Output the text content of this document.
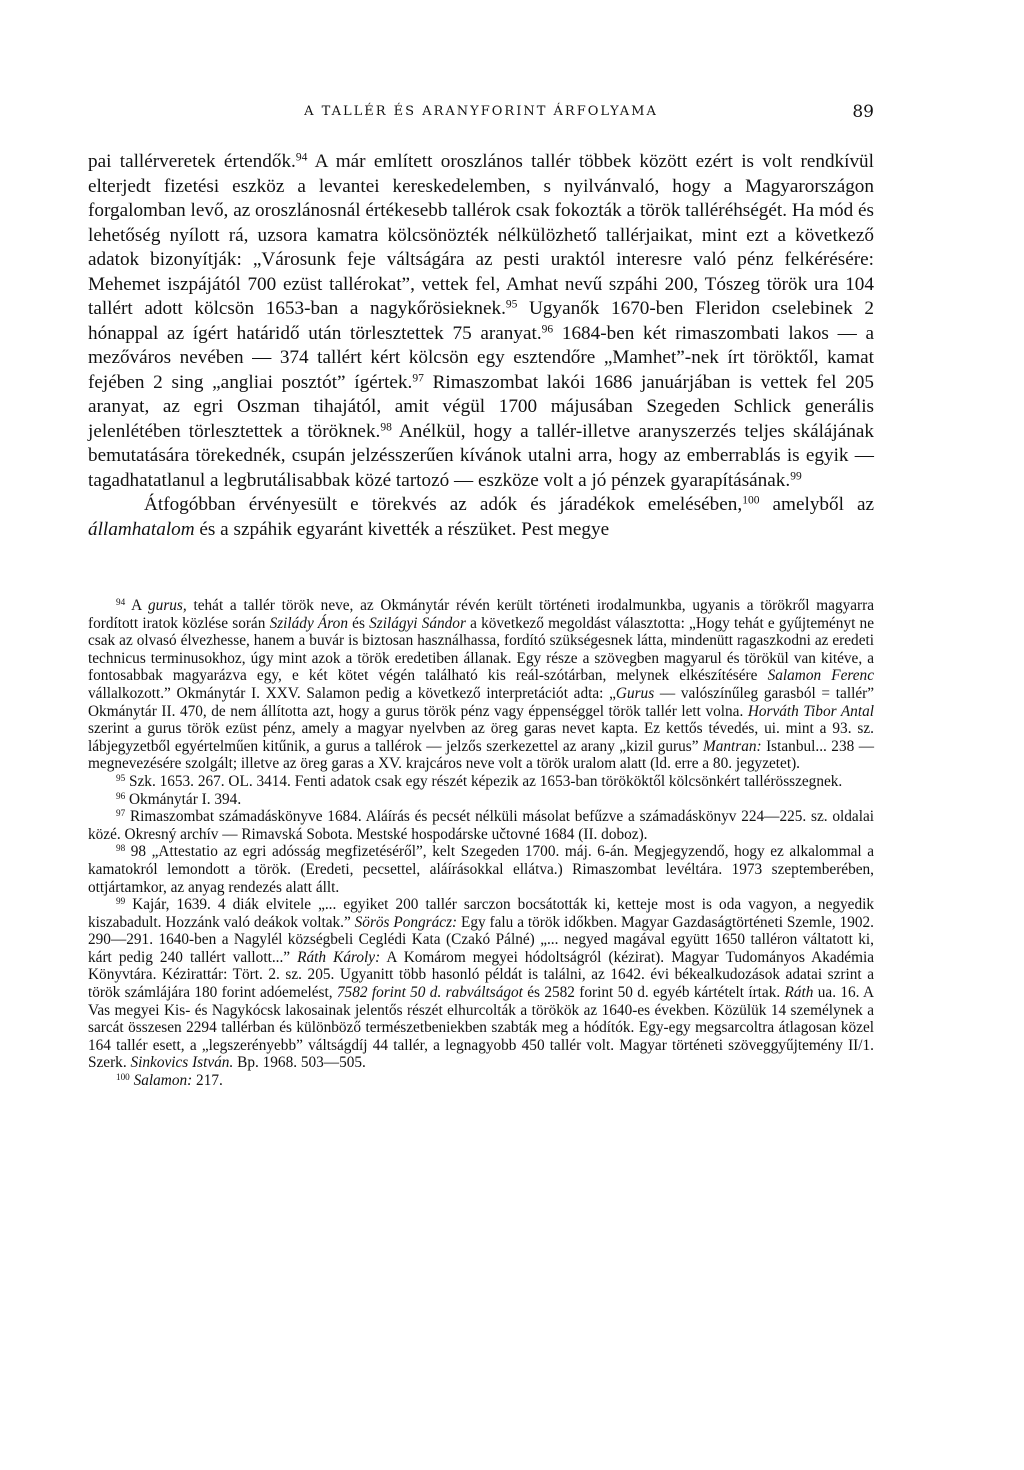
A TALLÉR ÉS ARANYFORINT ÁRFOLYAMA	89

pai tallérveretek értendők.$^{94}$ A már említett oroszlános tallér többek között ezért is volt rendkívül elterjedt fizetési eszköz a levantei kereskedelemben, s nyilvánvaló, hogy a Magyarországon forgalomban levő, az oroszlánosnál értékesebb tallérok csak fokozták a török talléréhségét. Ha mód és lehetőség nyílott rá, uzsora kamatra kölcsönözték nélkülözhető tallérjaikat, mint ezt a következő adatok bizonyítják: „Városunk feje váltságára az pesti uraktól interesre való pénz felkérésére: Mehemet iszpájától 700 ezüst tallérokat”, vettek fel, Amhat nevű szpáhi 200, Tószeg török ura 104 tallért adott kölcsön 1653-ban a nagykőrösieknek.$^{95}$ Ugyanők 1670-ben Fleridon cselebinek 2 hónappal az ígért határidő után törlesztettek 75 aranyat.$^{96}$ 1684-ben két rimaszombati lakos — a mezőváros nevében — 374 tallért kért kölcsön egy esztendőre „Mamhet”-nek írt töröktől, kamat fejében 2 sing „angliai posztót” ígértek.$^{97}$ Rimaszombat lakói 1686 januárjában is vettek fel 205 aranyat, az egri Oszman tihajától, amit végül 1700 májusában Szegeden Schlick generális jelenlétében törlesztettek a töröknek.$^{98}$ Anélkül, hogy a tallér-illetve aranyszerzés teljes skálájának bemutatására törekednék, csupán jelzésszerűen kívánok utalni arra, hogy az emberrablás is egyik — tagadhatatlanul a legbrutálisabbak közé tartozó — eszköze volt a jó pénzek gyarapításának.$^{99}$

Átfogóbban érvényesült e törekvés az adók és járadékok emelésében,$^{100}$ amelyből az államhatalom és a szpáhik egyaránt kivették a részüket. Pest megye

$^{94}$ A gurus, tehát a tallér török neve, az Okmánytár révén került történeti irodalmunkba, ugyanis a törökről magyarra fordított iratok közlése során Szilády Áron és Szilágyi Sándor a következő megoldást választotta: „Hogy tehát e gyűjteményt ne csak az olvasó élvezhesse, hanem a buvár is biztosan használhassa, fordító szükségesnek látta, mindenütt ragaszkodni az eredeti technicus terminusokhoz, úgy mint azok a török eredetiben állanak. Egy része a szövegben magyarul és törökül van kitéve, a fontosabbak magyarázva egy, e két kötet végén található kis reál-szótárban, melynek elkészítésére Salamon Ferenc vállalkozott.” Okmánytár I. XXV. Salamon pedig a következő interpretációt adta: „Gurus — valószínűleg garasból = tallér” Okmánytár II. 470, de nem állította azt, hogy a gurus török pénz vagy éppenséggel török tallér lett volna. Horváth Tibor Antal szerint a gurus török ezüst pénz, amely a magyar nyelvben az öreg garas nevet kapta. Ez kettős tévedés, ui. mint a 93. sz. lábjegyzetből egyértelműen kitűnik, a gurus a tallérok — jelzős szerkezettel az arany „kizil gurus” Mantran: Istanbul... 238 — megnevezésére szolgált; illetve az öreg garas a XV. krajcáros neve volt a török uralom alatt (ld. erre a 80. jegyzetet).

$^{95}$ Szk. 1653. 267. OL. 3414. Fenti adatok csak egy részét képezik az 1653-ban törököktől kölcsönkért tallérösszegnek.

$^{96}$ Okmánytár I. 394.

$^{97}$ Rimaszombat számadáskönyve 1684. Aláírás és pecsét nélküli másolat befűzve a számadáskönyv 224—225. sz. oldalai közé. Okresný archív — Rimavská Sobota. Mestské hospodárske učtovné 1684 (II. doboz).

$^{98}$ 98 „Attestatio az egri adósság megfizetéséről”, kelt Szegeden 1700. máj. 6-án. Megjegyzendő, hogy ez alkalommal a kamatokról lemondott a török. (Eredeti, pecsettel, aláírásokkal ellátva.) Rimaszombat levéltára. 1973 szeptemberében, ottjártamkor, az anyag rendezés alatt állt.

$^{99}$ Kajár, 1639. 4 diák elvitele „... egyiket 200 tallér sarczon bocsátották ki, ketteje most is oda vagyon, a negyedik kiszabadult. Hozzánk való deákok voltak.” Sörös Pongrácz: Egy falu a török időkben. Magyar Gazdaságtörténeti Szemle, 1902. 290—291. 1640-ben a Nagylél községbeli Ceglédi Kata (Czakó Pálné) „... negyed magával együtt 1650 talléron váltatott ki, kárt pedig 240 tallért vallott...” Ráth Károly: A Komárom megyei hódoltságról (kézirat). Magyar Tudományos Akadémia Könyvtára. Kézirattár: Tört. 2. sz. 205. Ugyanitt több hasonló példát is találni, az 1642. évi békealkudozások adatai szrint a török számlájára 180 forint adóemelést, 7582 forint 50 d. rabváltságot és 2582 forint 50 d. egyéb kártételt írtak. Ráth ua. 16. A Vas megyei Kis- és Nagykócsk lakosainak jelentős részét elhurcolták a törökök az 1640-es években. Közülük 14 személynek a sarcát összesen 2294 tallérban és különböző természetbeniekben szabták meg a hódítók. Egy-egy megsarcoltra átlagosan közel 164 tallér esett, a „legszerényebb” váltságdíj 44 tallér, a legnagyobb 450 tallér volt. Magyar történeti szöveggyűjtemény II/1. Szerk. Sinkovics István. Bp. 1968. 503—505.

$^{100}$ Salamon: 217.
